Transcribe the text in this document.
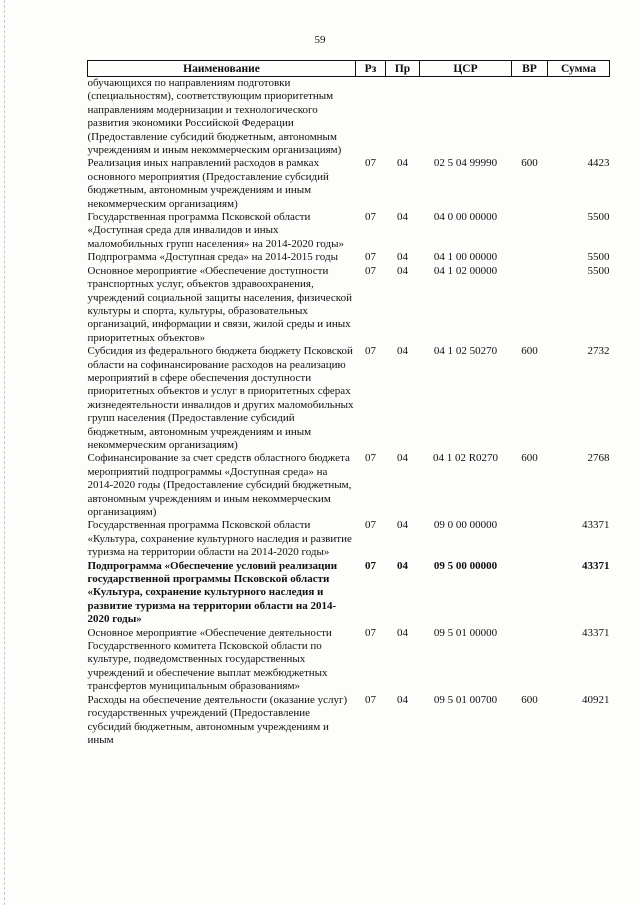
59
Наименование	Рз	Пр	ЦСР	ВР	Сумма
обучающихся по направлениям подготовки (специальностям), соответствующим приоритетным направлениям модернизации и технологического развития экономики Российской Федерации (Предоставление субсидий бюджетным, автономным учреждениям и иным некоммерческим организациям)					
Реализация иных направлений расходов в рамках основного мероприятия (Предоставление субсидий бюджетным, автономным учреждениям и иным некоммерческим организациям)	07	04	02 5 04 99990	600	4423
Государственная программа Псковской области «Доступная среда для инвалидов и иных маломобильных групп населения» на 2014-2020 годы»	07	04	04 0 00 00000		5500
Подпрограмма «Доступная среда» на 2014-2015 годы	07	04	04 1 00 00000		5500
Основное мероприятие «Обеспечение доступности транспортных услуг, объектов здравоохранения, учреждений социальной защиты населения, физической культуры и спорта, культуры, образовательных организаций, информации и связи, жилой среды и иных приоритетных объектов»	07	04	04 1 02 00000		5500
Субсидия из федерального бюджета бюджету Псковской области на софинансирование расходов на реализацию мероприятий в сфере обеспечения доступности приоритетных объектов и услуг в приоритетных сферах жизнедеятельности инвалидов и других маломобильных групп населения (Предоставление субсидий бюджетным, автономным учреждениям и иным некоммерческим организациям)	07	04	04 1 02 50270	600	2732
Софинансирование за счет средств областного бюджета мероприятий подпрограммы «Доступная среда» на 2014-2020 годы (Предоставление субсидий бюджетным, автономным учреждениям и иным некоммерческим организациям)	07	04	04 1 02 R0270	600	2768
Государственная программа Псковской области «Культура, сохранение культурного наследия и развитие туризма на территории области на 2014-2020 годы»	07	04	09 0 00 00000		43371
Подпрограмма «Обеспечение условий реализации государственной программы Псковской области «Культура, сохранение культурного наследия и развитие туризма на территории области на 2014-2020 годы»	07	04	09 5 00 00000		43371
Основное мероприятие «Обеспечение деятельности Государственного комитета Псковской области по культуре, подведомственных государственных учреждений и обеспечение выплат межбюджетных трансфертов муниципальным образованиям»	07	04	09 5 01 00000		43371
Расходы на обеспечение деятельности (оказание услуг) государственных учреждений (Предоставление субсидий бюджетным, автономным учреждениям и иным	07	04	09 5 01 00700	600	40921
